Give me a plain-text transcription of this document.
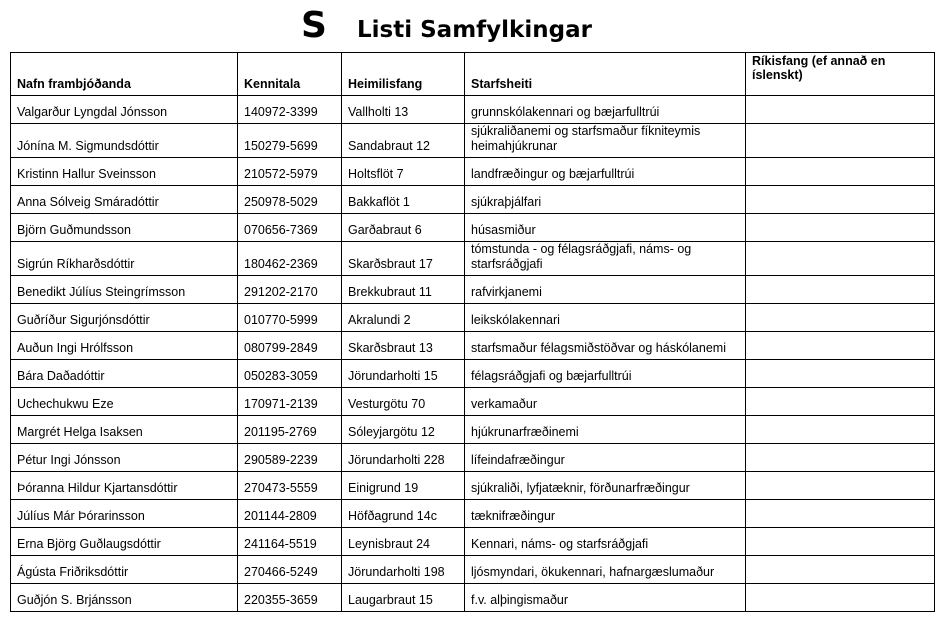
S Listi Samfylkingar
Nafn frambjóðanda	Kennitala	Heimilisfang	Starfsheiti	Ríkisfang (ef annað en íslenskt)
Valgarður Lyngdal Jónsson	140972-3399	Vallholti 13	grunnskólakennari og bæjarfulltrúi	
Jónína M. Sigmundsdóttir	150279-5699	Sandabraut 12	sjúkraliðanemi og starfsmaður fíkniteymis heimahjúkrunar	
Kristinn Hallur Sveinsson	210572-5979	Holtsflöt 7	landfræðingur og bæjarfulltrúi	
Anna Sólveig Smáradóttir	250978-5029	Bakkaflöt 1	sjúkraþjálfari	
Björn Guðmundsson	070656-7369	Garðabraut 6	húsasmiður	
Sigrún Ríkharðsdóttir	180462-2369	Skarðsbraut 17	tómstunda - og félagsráðgjafi, náms- og starfsráðgjafi	
Benedikt Júlíus Steingrímsson	291202-2170	Brekkubraut 11	rafvirkjanemi	
Guðríður Sigurjónsdóttir	010770-5999	Akralundi 2	leikskólakennari	
Auðun Ingi Hrólfsson	080799-2849	Skarðsbraut 13	starfsmaður félagsmiðstöðvar og háskólanemi	
Bára Daðadóttir	050283-3059	Jörundarholti 15	félagsráðgjafi og bæjarfulltrúi	
Uchechukwu Eze	170971-2139	Vesturgötu 70	verkamaður	
Margrét Helga Isaksen	201195-2769	Sóleyjargötu 12	hjúkrunarfræðinemi	
Pétur Ingi Jónsson	290589-2239	Jörundarholti 228	lífeindafræðingur	
Þóranna Hildur Kjartansdóttir	270473-5559	Einigrund 19	sjúkraliði, lyfjatæknir, förðunarfræðingur	
Júlíus Már Þórarinsson	201144-2809	Höfðagrund 14c	tæknifræðingur	
Erna Björg Guðlaugsdóttir	241164-5519	Leynisbraut 24	Kennari, náms- og starfsráðgjafi	
Ágústa Friðriksdóttir	270466-5249	Jörundarholti 198	ljósmyndari, ökukennari, hafnargæslumaður	
Guðjón S. Brjánsson	220355-3659	Laugarbraut 15	f.v. alþingismaður	
